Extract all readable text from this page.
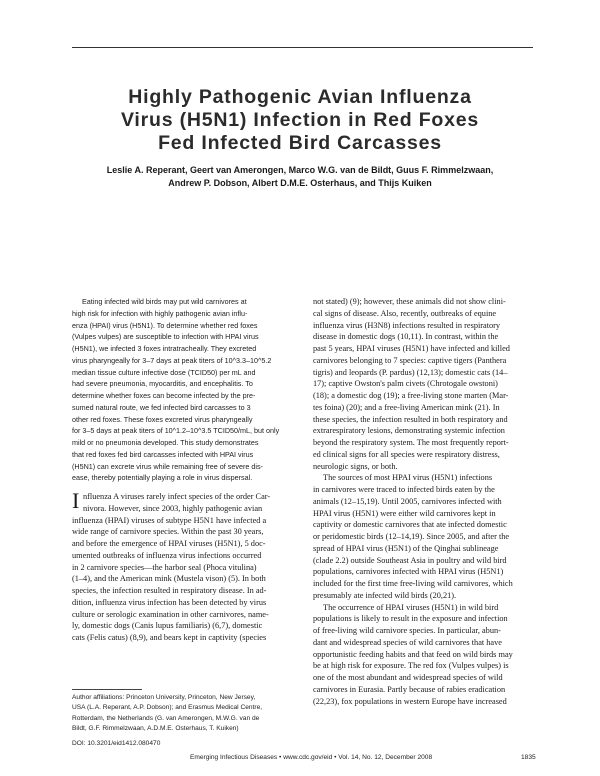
Highly Pathogenic Avian Influenza
Virus (H5N1) Infection in Red Foxes
Fed Infected Bird Carcasses
Leslie A. Reperant, Geert van Amerongen, Marco W.G. van de Bildt, Guus F. Rimmelzwaan,
Andrew P. Dobson, Albert D.M.E. Osterhaus, and Thijs Kuiken
Eating infected wild birds may put wild carnivores at
high risk for infection with highly pathogenic avian influ-
enza (HPAI) virus (H5N1). To determine whether red foxes
(Vulpes vulpes) are susceptible to infection with HPAI virus
(H5N1), we infected 3 foxes intratracheally. They excreted
virus pharyngeally for 3–7 days at peak titers of 10^3.3–10^5.2
median tissue culture infective dose (TCID50) per mL and
had severe pneumonia, myocarditis, and encephalitis. To
determine whether foxes can become infected by the pre-
sumed natural route, we fed infected bird carcasses to 3
other red foxes. These foxes excreted virus pharyngeally
for 3–5 days at peak titers of 10^1.2–10^3.5 TCID50/mL, but only
mild or no pneumonia developed. This study demonstrates
that red foxes fed bird carcasses infected with HPAI virus
(H5N1) can excrete virus while remaining free of severe dis-
ease, thereby potentially playing a role in virus dispersal.
I nfluenza A viruses rarely infect species of the order Car-
nivora. However, since 2003, highly pathogenic avian
influenza (HPAI) viruses of subtype H5N1 have infected a
wide range of carnivore species. Within the past 30 years,
and before the emergence of HPAI viruses (H5N1), 5 doc-
umented outbreaks of influenza virus infections occurred
in 2 carnivore species—the harbor seal (Phoca vitulina)
(1–4), and the American mink (Mustela vison) (5). In both
species, the infection resulted in respiratory disease. In ad-
dition, influenza virus infection has been detected by virus
culture or serologic examination in other carnivores, name-
ly, domestic dogs (Canis lupus familiaris) (6,7), domestic
cats (Felis catus) (8,9), and bears kept in captivity (species
not stated) (9); however, these animals did not show clini-
cal signs of disease. Also, recently, outbreaks of equine
influenza virus (H3N8) infections resulted in respiratory
disease in domestic dogs (10,11). In contrast, within the
past 5 years, HPAI viruses (H5N1) have infected and killed
carnivores belonging to 7 species: captive tigers (Panthera
tigris) and leopards (P. pardus) (12,13); domestic cats (14–
17); captive Owston's palm civets (Chrotogale owstoni)
(18); a domestic dog (19); a free-living stone marten (Mar-
tes foina) (20); and a free-living American mink (21). In
these species, the infection resulted in both respiratory and
extrarespiratory lesions, demonstrating systemic infection
beyond the respiratory system. The most frequently report-
ed clinical signs for all species were respiratory distress,
neurologic signs, or both.
The sources of most HPAI virus (H5N1) infections
in carnivores were traced to infected birds eaten by the
animals (12–15,19). Until 2005, carnivores infected with
HPAI virus (H5N1) were either wild carnivores kept in
captivity or domestic carnivores that ate infected domestic
or peridomestic birds (12–14,19). Since 2005, and after the
spread of HPAI virus (H5N1) of the Qinghai sublineage
(clade 2.2) outside Southeast Asia in poultry and wild bird
populations, carnivores infected with HPAI virus (H5N1)
included for the first time free-living wild carnivores, which
presumably ate infected wild birds (20,21).
The occurrence of HPAI viruses (H5N1) in wild bird
populations is likely to result in the exposure and infection
of free-living wild carnivore species. In particular, abun-
dant and widespread species of wild carnivores that have
opportunistic feeding habits and that feed on wild birds may
be at high risk for exposure. The red fox (Vulpes vulpes) is
one of the most abundant and widespread species of wild
carnivores in Eurasia. Partly because of rabies eradication
(22,23), fox populations in western Europe have increased
Author affiliations: Princeton University, Princeton, New Jersey,
USA (L.A. Reperant, A.P. Dobson); and Erasmus Medical Centre,
Rotterdam, the Netherlands (G. van Amerongen, M.W.G. van de
Bildt, G.F. Rimmelzwaan, A.D.M.E. Osterhaus, T. Kuiken)
DOI: 10.3201/eid1412.080470
Emerging Infectious Diseases • www.cdc.gov/eid • Vol. 14, No. 12, December 2008	1835
